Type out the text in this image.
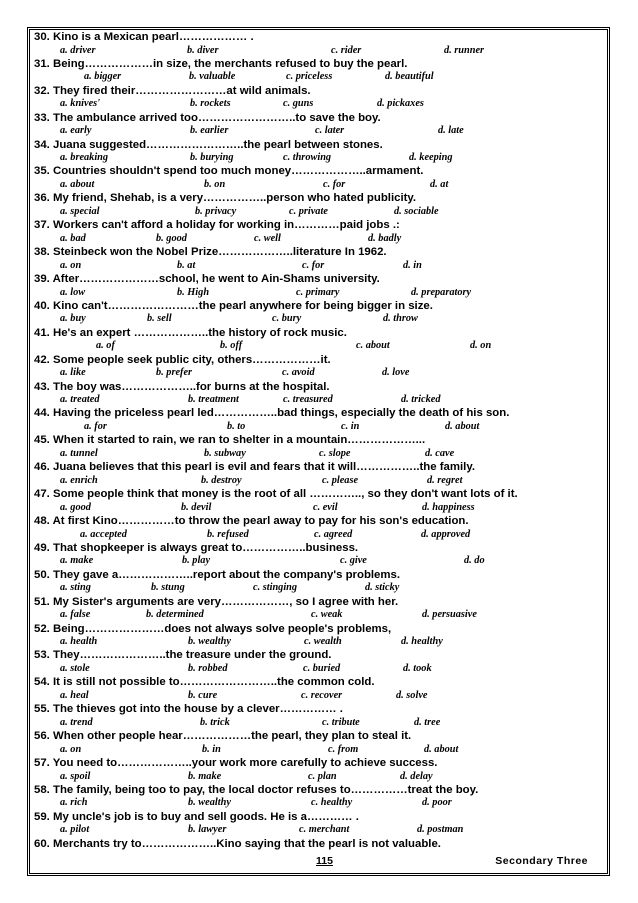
30. Kino is a Mexican pearl……………… .
a. driver	b. diver	c. rider	d. runner
31. Being………………in size, the merchants refused to buy the pearl.
a. bigger	b. valuable	c. priceless	d. beautiful
32. They fired their……………………at wild animals.
a. knives'	b. rockets	c. guns	d. pickaxes
33. The ambulance arrived too……………………..to save the boy.
a. early	b. earlier	c. later	d. late
34. Juana suggested……………………..the pearl between stones.
a. breaking	b. burying	c. throwing	d. keeping
35. Countries shouldn't spend too much money………………..armament.
a. about	b. on	c. for	d. at
36. My friend, Shehab, is a very……………..person who hated publicity.
a. special	b. privacy	c. private	d. sociable
37. Workers can't afford a holiday for working in…………paid jobs .:
a. bad	b. good	c. well	d. badly
38. Steinbeck won the Nobel Prize………………..literature In 1962.
a. on	b. at	c. for	d. in
39. After…………………school, he went to Ain-Shams university.
a. low	b. High	c. primary	d. preparatory
40. Kino can't……………………the pearl anywhere for being bigger in size.
a. buy	b. sell	c. bury	d. throw
41. He's an expert ………………..the history of rock music.
a. of	b. off	c. about	d. on
42. Some people seek public city, others………………it.
a. like	b. prefer	c. avoid	d. love
43. The boy was………………..for burns at the hospital.
a. treated	b. treatment	c. treasured	d. tricked
44. Having the priceless pearl led……………..bad things, especially the death of his son.
a. for	b. to	c. in	d. about
45. When it started to rain, we ran to shelter in a mountain………………...
a. tunnel	b. subway	c. slope	d. cave
46. Juana believes that this pearl is evil and fears that it will……………..the family.
a. enrich	b. destroy	c. please	d. regret
47. Some people think that money is the root of all ………….., so they don't want lots of it.
a. good	b. devil	c. evil	d. happiness
48. At first Kino……………to throw the pearl away to pay for his son's education.
a. accepted	b. refused	c. agreed	d. approved
49. That shopkeeper is always great to……………..business.
a. make	b. play	c. give	d. do
50. They gave a………………..report about the company's problems.
a. sting	b. stung	c. stinging	d. sticky
51. My Sister's arguments are very………………, so I agree with her.
a. false	b. determined	c. weak	d. persuasive
52. Being…………………does not always solve people's problems,
a. health	b. wealthy	c. wealth	d. healthy
53. They…………………..the treasure under the ground.
a. stole	b. robbed	c. buried	d. took
54. It is still not possible to……………………..the common cold.
a. heal	b. cure	c. recover	d. solve
55. The thieves got into the house by a clever…………… .
a. trend	b. trick	c. tribute	d. tree
56. When other people hear………………the pearl, they plan to steal it.
a. on	b. in	c. from	d. about
57. You need to………………..your work more carefully to achieve success.
a. spoil	b. make	c. plan	d. delay
58. The family, being too to pay, the local doctor refuses to……………treat the boy.
a. rich	b. wealthy	c. healthy	d. poor
59. My uncle's job is to buy and sell goods. He is a………… .
a. pilot	b. lawyer	c. merchant	d. postman
60. Merchants try to………………..Kino saying that the pearl is not valuable.
115	Secondary Three
